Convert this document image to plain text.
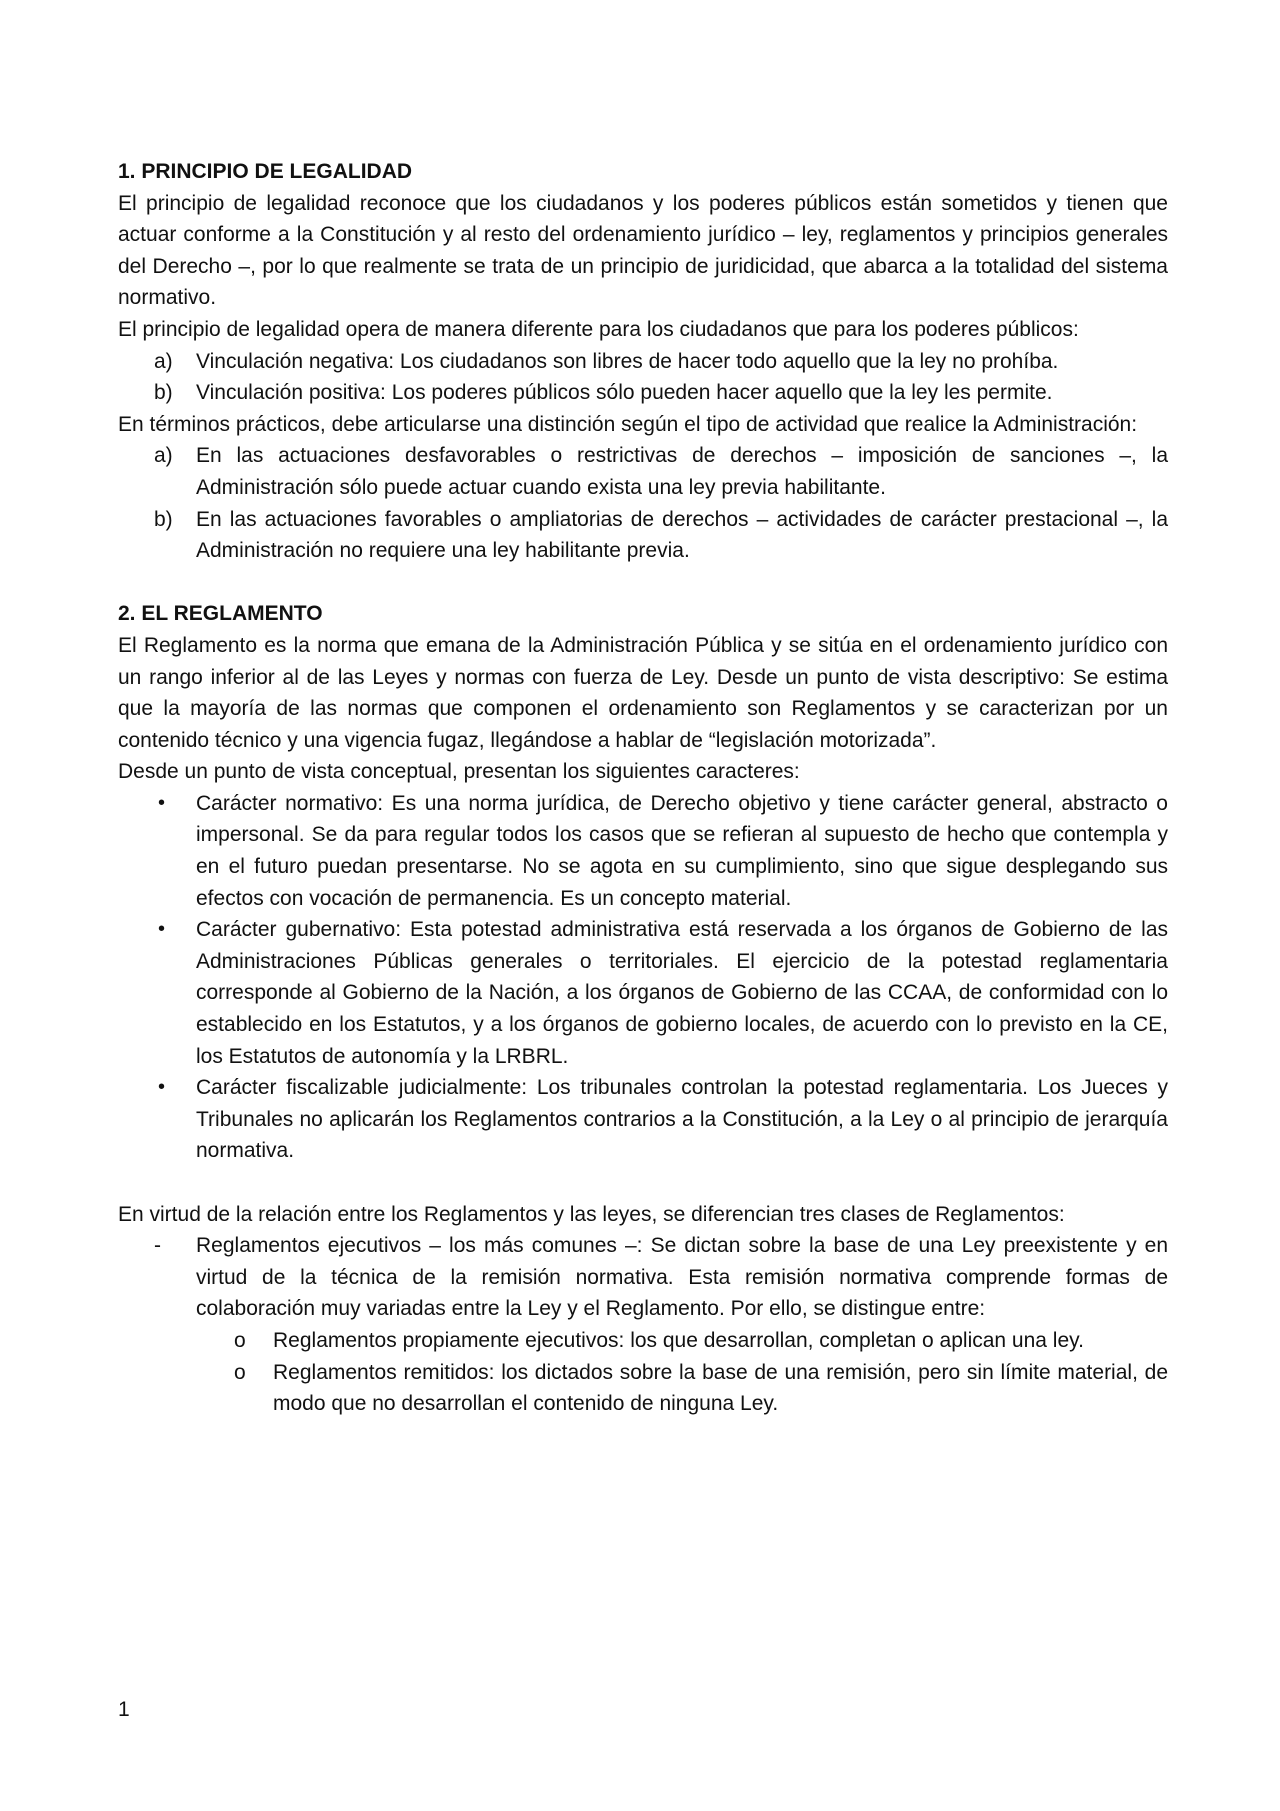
1. PRINCIPIO DE LEGALIDAD

El principio de legalidad reconoce que los ciudadanos y los poderes públicos están sometidos y tienen que actuar conforme a la Constitución y al resto del ordenamiento jurídico – ley, reglamentos y principios generales del Derecho –, por lo que realmente se trata de un principio de juridicidad, que abarca a la totalidad del sistema normativo.

El principio de legalidad opera de manera diferente para los ciudadanos que para los poderes públicos:

a) Vinculación negativa: Los ciudadanos son libres de hacer todo aquello que la ley no prohíba.
b) Vinculación positiva: Los poderes públicos sólo pueden hacer aquello que la ley les permite.

En términos prácticos, debe articularse una distinción según el tipo de actividad que realice la Administración:

a) En las actuaciones desfavorables o restrictivas de derechos – imposición de sanciones –, la Administración sólo puede actuar cuando exista una ley previa habilitante.
b) En las actuaciones favorables o ampliatorias de derechos – actividades de carácter prestacional –, la Administración no requiere una ley habilitante previa.
2. EL REGLAMENTO

El Reglamento es la norma que emana de la Administración Pública y se sitúa en el ordenamiento jurídico con un rango inferior al de las Leyes y normas con fuerza de Ley. Desde un punto de vista descriptivo: Se estima que la mayoría de las normas que componen el ordenamiento son Reglamentos y se caracterizan por un contenido técnico y una vigencia fugaz, llegándose a hablar de “legislación motorizada”.

Desde un punto de vista conceptual, presentan los siguientes caracteres:

• Carácter normativo: Es una norma jurídica, de Derecho objetivo y tiene carácter general, abstracto o impersonal. Se da para regular todos los casos que se refieran al supuesto de hecho que contempla y en el futuro puedan presentarse. No se agota en su cumplimiento, sino que sigue desplegando sus efectos con vocación de permanencia. Es un concepto material.
• Carácter gubernativo: Esta potestad administrativa está reservada a los órganos de Gobierno de las Administraciones Públicas generales o territoriales. El ejercicio de la potestad reglamentaria corresponde al Gobierno de la Nación, a los órganos de Gobierno de las CCAA, de conformidad con lo establecido en los Estatutos, y a los órganos de gobierno locales, de acuerdo con lo previsto en la CE, los Estatutos de autonomía y la LRBRL.
• Carácter fiscalizable judicialmente: Los tribunales controlan la potestad reglamentaria. Los Jueces y Tribunales no aplicarán los Reglamentos contrarios a la Constitución, a la Ley o al principio de jerarquía normativa.

En virtud de la relación entre los Reglamentos y las leyes, se diferencian tres clases de Reglamentos:

- Reglamentos ejecutivos – los más comunes –: Se dictan sobre la base de una Ley preexistente y en virtud de la técnica de la remisión normativa. Esta remisión normativa comprende formas de colaboración muy variadas entre la Ley y el Reglamento. Por ello, se distingue entre:
o Reglamentos propiamente ejecutivos: los que desarrollan, completan o aplican una ley.
o Reglamentos remitidos: los dictados sobre la base de una remisión, pero sin límite material, de modo que no desarrollan el contenido de ninguna Ley.
1
